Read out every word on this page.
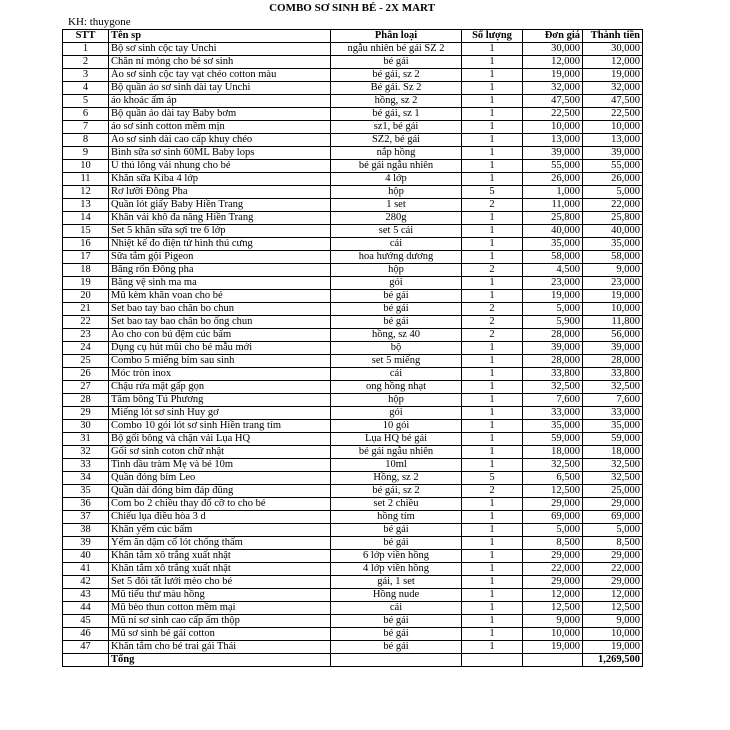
COMBO SƠ SINH BÉ - 2X MART
KH: thuygone
STT	Tên sp	Phân loại	Số lượng	Đơn giá	Thành tiền
1	Bộ sơ sinh cộc tay Unchi	ngẫu nhiên bé gái SZ 2	1	30,000	30,000
2	Chăn nỉ mỏng cho bé sơ sinh	bé gái	1	12,000	12,000
3	Áo sơ sinh cộc tay vạt chéo cotton màu	bé gái, sz 2	1	19,000	19,000
4	Bộ quần áo sơ sinh dài tay Unchi	Bé gái. Sz 2	1	32,000	32,000
5	áo khoác ấm áp	hồng, sz 2	1	47,500	47,500
6	Bộ quần áo dài tay Baby bơm	bé gái, sz 1	1	22,500	22,500
7	áo sơ sinh cotton mềm mịn	sz1, bé gái	1	10,000	10,000
8	Áo sơ sinh dài cao cấp khuy chéo	SZ2, bé gái	1	13,000	13,000
9	Bình sữa sơ sinh 60ML Baby lops	nắp hồng	1	39,000	39,000
10	Ủ thú lông vải nhung cho bé	bé gái ngẫu nhiên	1	55,000	55,000
11	Khăn sữa Kiba 4 lớp	4 lớp	1	26,000	26,000
12	Rơ lưỡi Đông Pha	hộp	5	1,000	5,000
13	Quần lót giấy Baby Hiền Trang	1 set	2	11,000	22,000
14	Khăn vải khô đa năng Hiền Trang	280g	1	25,800	25,800
15	Set 5 khăn sữa sợi tre 6 lớp	set 5 cái	1	40,000	40,000
16	Nhiệt kế đo điện tử hình thú cưng	cái	1	35,000	35,000
17	Sữa tắm gội Pigeon	hoa hướng dương	1	58,000	58,000
18	Băng rốn Đông pha	hộp	2	4,500	9,000
19	Băng vệ sinh ma ma	gói	1	23,000	23,000
20	Mũ kèm khăn voan cho bé	bé gái	1	19,000	19,000
21	Set bao tay bao chân bo chun	bé gái	2	5,000	10,000
22	Set bao tay bao chân bo ống chun	bé gái	2	5,900	11,800
23	Áo cho con bú đệm cúc bấm	hồng, sz 40	2	28,000	56,000
24	Dụng cụ hút mũi cho bé mẫu mới	bộ	1	39,000	39,000
25	Combo 5 miếng bỉm sau sinh	set 5 miếng	1	28,000	28,000
26	Móc tròn inox	cái	1	33,800	33,800
27	Chậu rửa mặt gấp gọn	ong hồng nhạt	1	32,500	32,500
28	Tăm bông Tú Phương	hộp	1	7,600	7,600
29	Miếng lót sơ sinh Huy gơ	gói	1	33,000	33,000
30	Combo 10 gói lót sơ sinh Hiền trang tím	10 gói	1	35,000	35,000
31	Bộ gối bông và chặn vải Lụa HQ	Lụa HQ bé gái	1	59,000	59,000
32	Gối sơ sinh coton chữ nhật	bé gái ngẫu nhiên	1	18,000	18,000
33	Tinh dầu tràm Mẹ và bé 10m	10ml	1	32,500	32,500
34	Quần đóng bỉm Leo	Hồng, sz 2	5	6,500	32,500
35	Quần dài đóng bỉm đáp đũng	bé gái, sz 2	2	12,500	25,000
36	Com bo 2 chiều thay đổ cỡ to cho bé	set 2 chiều	1	29,000	29,000
37	Chiếu lụa điều hòa 3 d	hồng tím	1	69,000	69,000
38	Khăn yếm cúc bấm	bé gái	1	5,000	5,000
39	Yếm ăn dặm cổ lót chống thấm	bé gái	1	8,500	8,500
40	Khăn tắm xô trắng xuất nhật	6 lớp viền hồng	1	29,000	29,000
41	Khăn tắm xô trắng xuất nhật	4 lớp viền hồng	1	22,000	22,000
42	Set 5 đôi tất lưới mèo cho bé	gái, 1 set	1	29,000	29,000
43	Mũ tiểu thư màu hồng	Hồng nude	1	12,000	12,000
44	Mũ bèo thun cotton mềm mại	cái	1	12,500	12,500
45	Mũ nỉ sơ sinh cao cấp ấm thộp	bé gái	1	9,000	9,000
46	Mũ sơ sinh bé gái cotton	bé gái	1	10,000	10,000
47	Khăn tắm cho bé trai gái Thái	bé gái	1	19,000	19,000
	Tổng				1,269,500
